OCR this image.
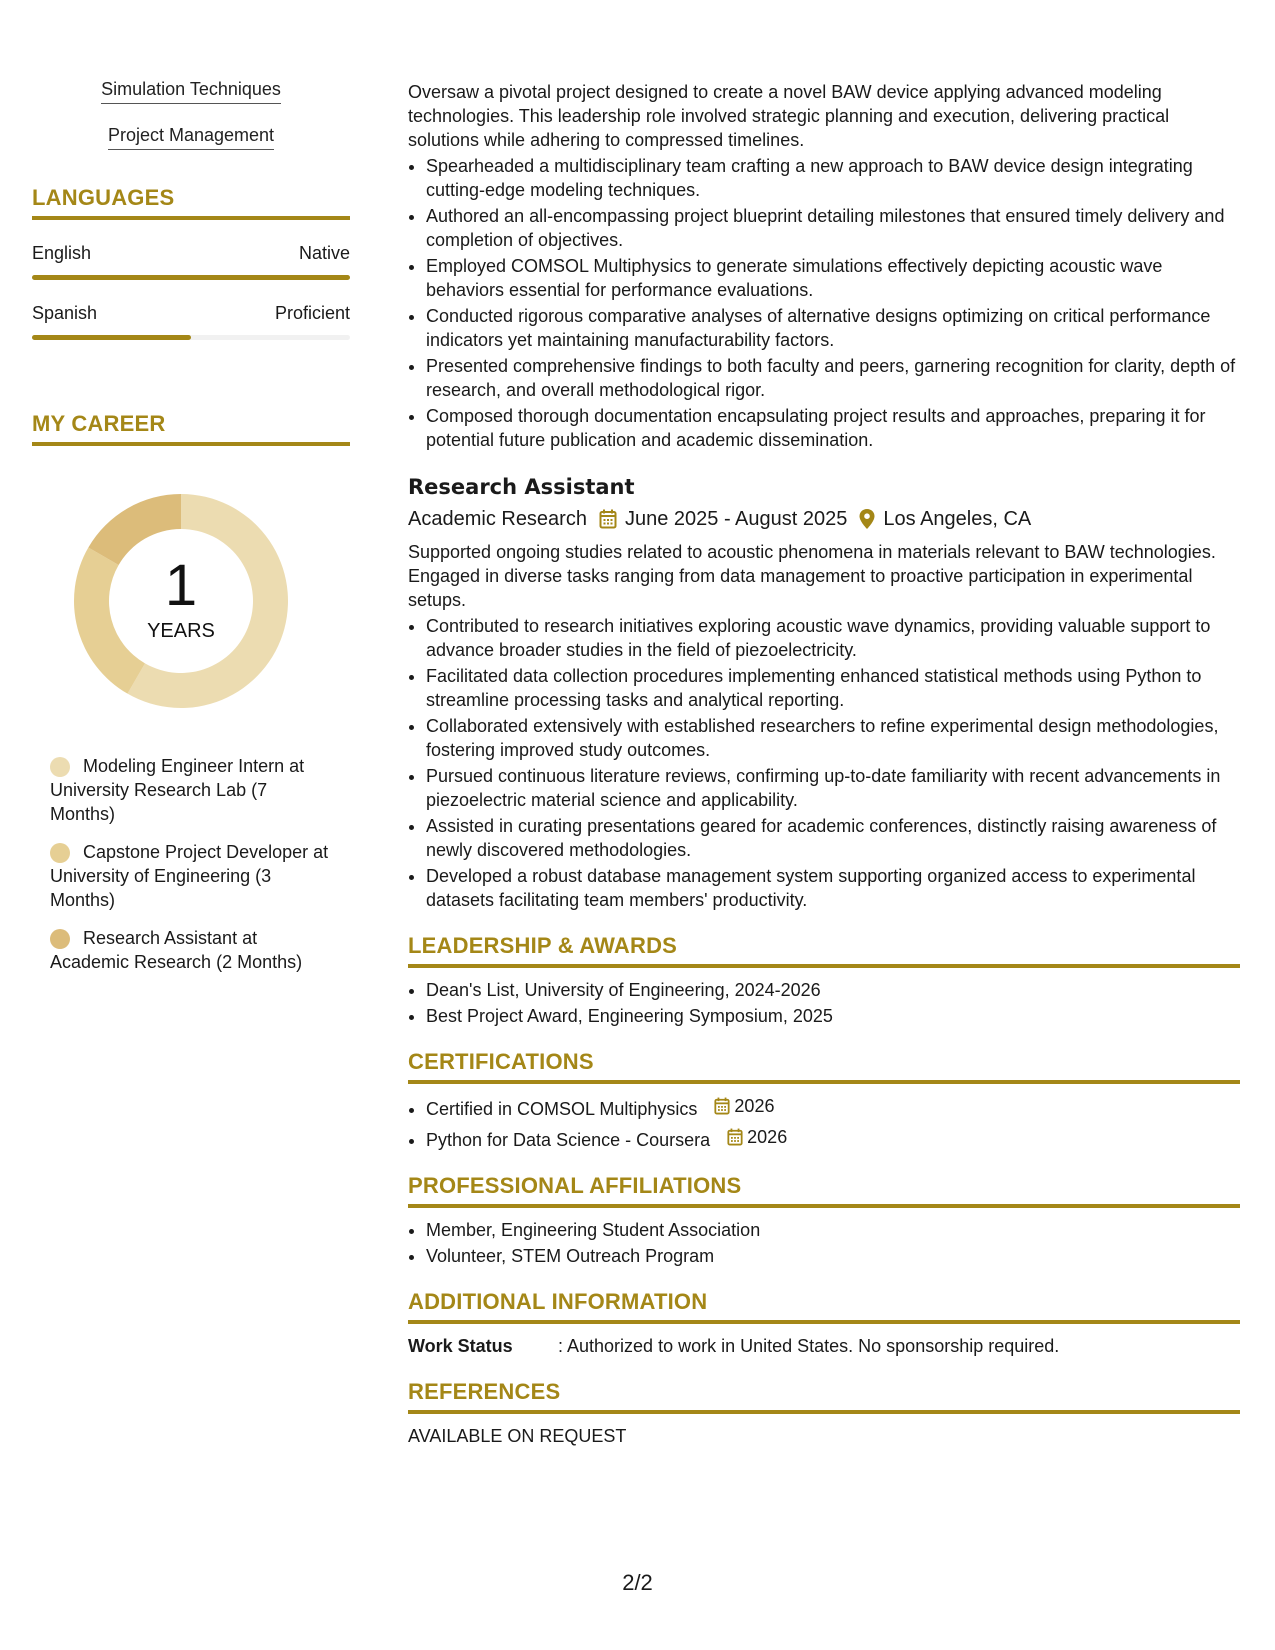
Simulation Techniques
Project Management
LANGUAGES
English	Native
Spanish	Proficient
MY CAREER
1
YEARS
Modeling Engineer Intern at University Research Lab (7 Months)
Capstone Project Developer at University of Engineering (3 Months)
Research Assistant at Academic Research (2 Months)

Oversaw a pivotal project designed to create a novel BAW device applying advanced modeling technologies. This leadership role involved strategic planning and execution, delivering practical solutions while adhering to compressed timelines.

• Spearheaded a multidisciplinary team crafting a new approach to BAW device design integrating cutting-edge modeling techniques.
• Authored an all-encompassing project blueprint detailing milestones that ensured timely delivery and completion of objectives.
• Employed COMSOL Multiphysics to generate simulations effectively depicting acoustic wave behaviors essential for performance evaluations.
• Conducted rigorous comparative analyses of alternative designs optimizing on critical performance indicators yet maintaining manufacturability factors.
• Presented comprehensive findings to both faculty and peers, garnering recognition for clarity, depth of research, and overall methodological rigor.
• Composed thorough documentation encapsulating project results and approaches, preparing it for potential future publication and academic dissemination.
Research Assistant
Academic Research June 2025 - August 2025 Los Angeles, CA

Supported ongoing studies related to acoustic phenomena in materials relevant to BAW technologies. Engaged in diverse tasks ranging from data management to proactive participation in experimental setups.

• Contributed to research initiatives exploring acoustic wave dynamics, providing valuable support to advance broader studies in the field of piezoelectricity.
• Facilitated data collection procedures implementing enhanced statistical methods using Python to streamline processing tasks and analytical reporting.
• Collaborated extensively with established researchers to refine experimental design methodologies, fostering improved study outcomes.
• Pursued continuous literature reviews, confirming up-to-date familiarity with recent advancements in piezoelectric material science and applicability.
• Assisted in curating presentations geared for academic conferences, distinctly raising awareness of newly discovered methodologies.
• Developed a robust database management system supporting organized access to experimental datasets facilitating team members' productivity.
LEADERSHIP & AWARDS
• Dean's List, University of Engineering, 2024-2026
• Best Project Award, Engineering Symposium, 2025
CERTIFICATIONS
• Certified in COMSOL Multiphysics 2026
• Python for Data Science - Coursera 2026
PROFESSIONAL AFFILIATIONS
• Member, Engineering Student Association
• Volunteer, STEM Outreach Program
ADDITIONAL INFORMATION
Work Status	: Authorized to work in United States. No sponsorship required.
REFERENCES

AVAILABLE ON REQUEST

2/2
